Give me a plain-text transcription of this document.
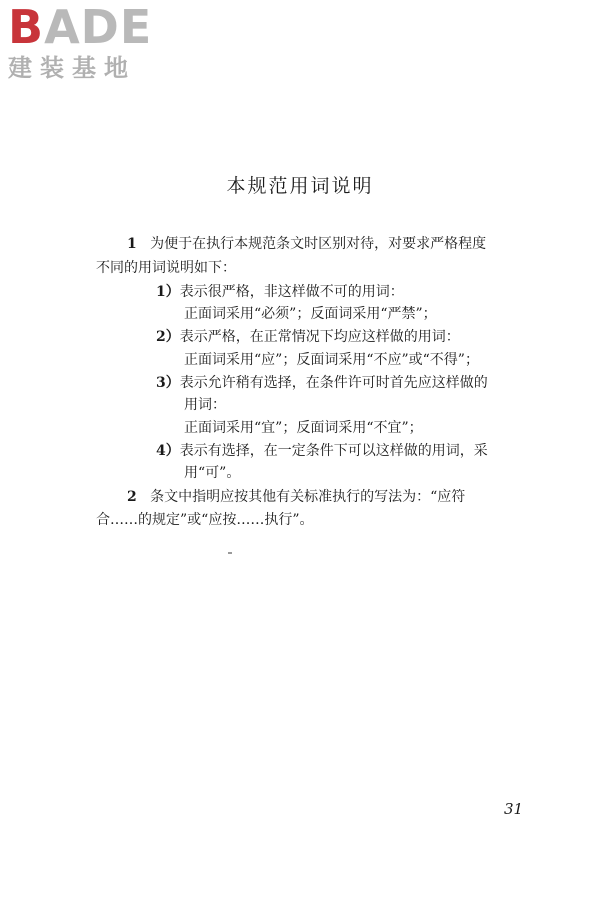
BADE
建装基地
本规范用词说明
1 为便于在执行本规范条文时区别对待，对要求严格程度
不同的用词说明如下：
1）表示很严格，非这样做不可的用词：
正面词采用“必须”；反面词采用“严禁”；
2）表示严格，在正常情况下均应这样做的用词：
正面词采用“应”；反面词采用“不应”或“不得”；
3）表示允许稍有选择，在条件许可时首先应这样做的
用词：
正面词采用“宜”；反面词采用“不宜”；
4）表示有选择，在一定条件下可以这样做的用词，采
用“可”。
2 条文中指明应按其他有关标准执行的写法为：“应符
合……的规定”或“应按……执行”。
31
